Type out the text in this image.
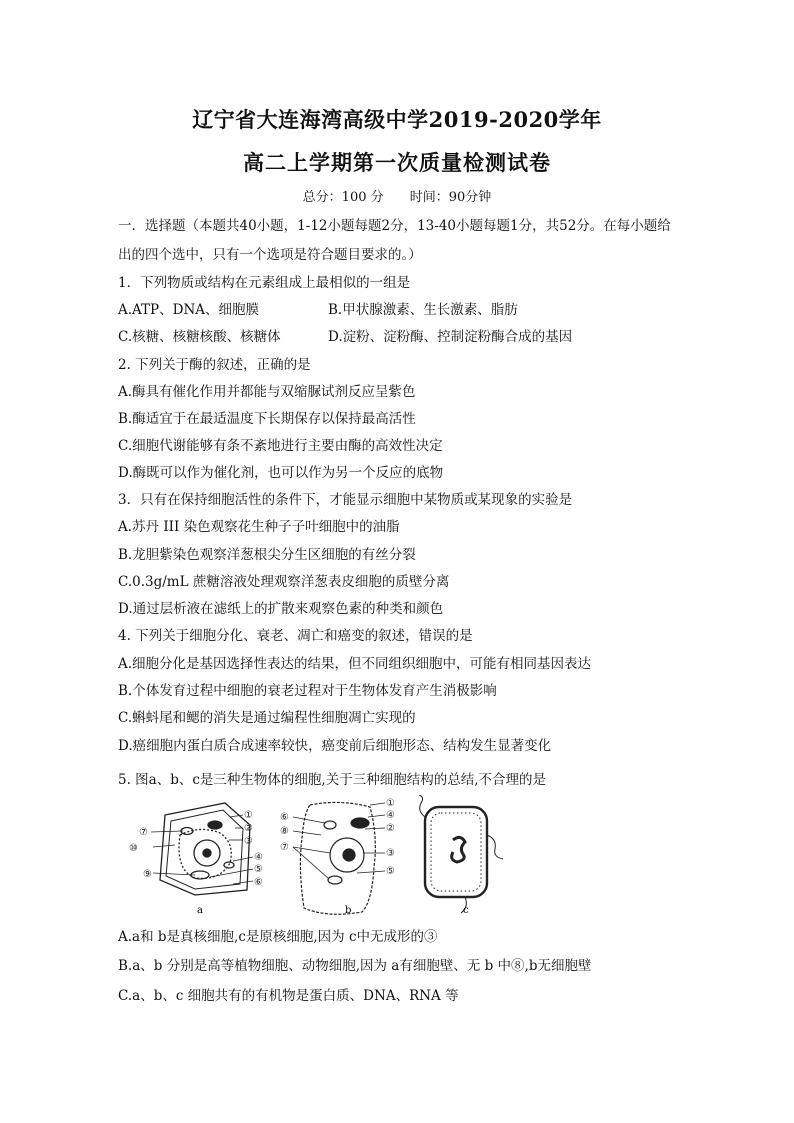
辽宁省大连海湾高级中学2019-2020学年
高二上学期第一次质量检测试卷
总分：100 分 时间：90分钟
一．选择题（本题共40小题，1-12小题每题2分，13-40小题每题1分，共52分。在每小题给
出的四个选中，只有一个选项是符合题目要求的。）
1．下列物质或结构在元素组成上最相似的一组是
A.ATP、DNA、细胞膜	B.甲状腺激素、生长激素、脂肪
C.核糖、核糖核酸、核糖体	D.淀粉、淀粉酶、控制淀粉酶合成的基因
2. 下列关于酶的叙述，正确的是
A.酶具有催化作用并都能与双缩脲试剂反应呈紫色
B.酶适宜于在最适温度下长期保存以保持最高活性
C.细胞代谢能够有条不紊地进行主要由酶的高效性决定
D.酶既可以作为催化剂，也可以作为另一个反应的底物
3．只有在保持细胞活性的条件下，才能显示细胞中某物质或某现象的实验是
A.苏丹 III 染色观察花生种子子叶细胞中的油脂
B.龙胆紫染色观察洋葱根尖分生区细胞的有丝分裂
C.0.3g/mL 蔗糖溶液处理观察洋葱表皮细胞的质壁分离
D.通过层析液在滤纸上的扩散来观察色素的种类和颜色
4. 下列关于细胞分化、衰老、凋亡和癌变的叙述，错误的是
A.细胞分化是基因选择性表达的结果，但不同组织细胞中，可能有相同基因表达
B.个体发育过程中细胞的衰老过程对于生物体发育产生消极影响
C.蝌蚪尾和鳃的消失是通过编程性细胞凋亡实现的
D.癌细胞内蛋白质合成速率较快，癌变前后细胞形态、结构发生显著变化
5. 图a、b、c是三种生物体的细胞,关于三种细胞结构的总结,不合理的是
①
②
③
④
⑤
⑥
⑦
⑨
⑩
①
④
②
⑥
⑧
⑦
③
⑤
a	b	c
A.a和 b是真核细胞,c是原核细胞,因为 c中无成形的③
B.a、b 分别是高等植物细胞、动物细胞,因为 a有细胞壁、无 b 中⑧,b无细胞壁
C.a、b、c 细胞共有的有机物是蛋白质、DNA、RNA 等
